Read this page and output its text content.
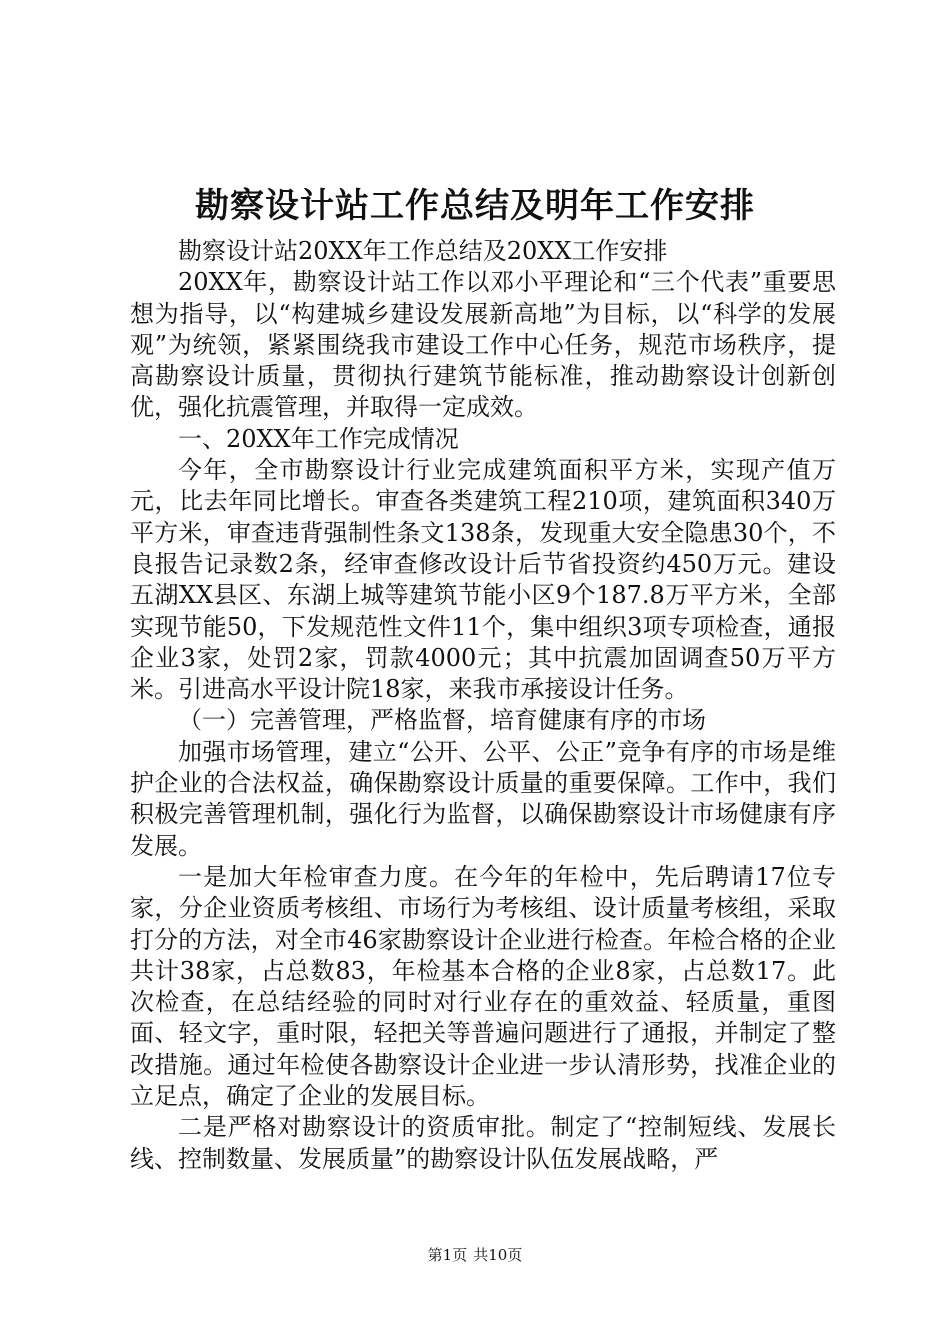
勘察设计站工作总结及明年工作安排

勘察设计站20XX年工作总结及20XX工作安排

20XX年，勘察设计站工作以邓小平理论和“三个代表”重要思想为指导，以“构建城乡建设发展新高地”为目标，以“科学的发展观”为统领，紧紧围绕我市建设工作中心任务，规范市场秩序，提高勘察设计质量，贯彻执行建筑节能标准，推动勘察设计创新创优，强化抗震管理，并取得一定成效。

一、20XX年工作完成情况

今年，全市勘察设计行业完成建筑面积平方米，实现产值万元，比去年同比增长。审查各类建筑工程210项，建筑面积340万平方米，审查违背强制性条文138条，发现重大安全隐患30个，不良报告记录数2条，经审查修改设计后节省投资约450万元。建设五湖XX县区、东湖上城等建筑节能小区9个187.8万平方米，全部实现节能50，下发规范性文件11个，集中组织3项专项检查，通报企业3家，处罚2家，罚款4000元；其中抗震加固调查50万平方米。引进高水平设计院18家，来我市承接设计任务。

（一）完善管理，严格监督，培育健康有序的市场

加强市场管理，建立“公开、公平、公正”竞争有序的市场是维护企业的合法权益，确保勘察设计质量的重要保障。工作中，我们积极完善管理机制，强化行为监督，以确保勘察设计市场健康有序发展。

一是加大年检审查力度。在今年的年检中，先后聘请17位专家，分企业资质考核组、市场行为考核组、设计质量考核组，采取打分的方法，对全市46家勘察设计企业进行检查。年检合格的企业共计38家，占总数83，年检基本合格的企业8家，占总数17。此次检查，在总结经验的同时对行业存在的重效益、轻质量，重图面、轻文字，重时限，轻把关等普遍问题进行了通报，并制定了整改措施。通过年检使各勘察设计企业进一步认清形势，找准企业的立足点，确定了企业的发展目标。

二是严格对勘察设计的资质审批。制定了“控制短线、发展长线、控制数量、发展质量”的勘察设计队伍发展战略，严

第1页 共10页
